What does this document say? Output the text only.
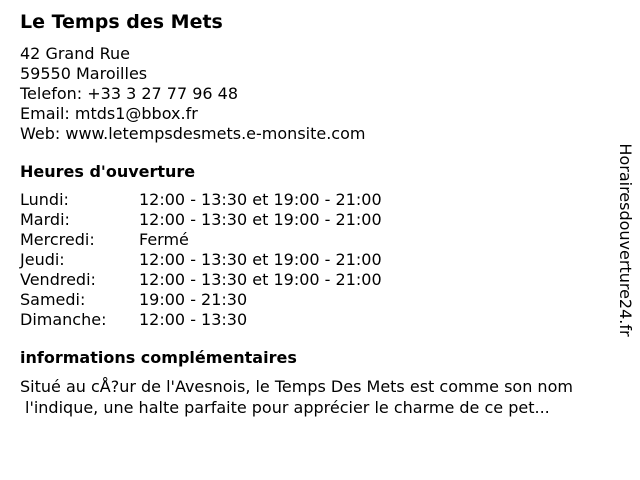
Le Temps des Mets
42 Grand Rue
59550 Maroilles
Telefon: +33 3 27 77 96 48
Email: mtds1@bbox.fr
Web: www.letempsdesmets.e-monsite.com
Heures d'ouverture
Lundi:	12:00 - 13:30 et 19:00 - 21:00
Mardi:	12:00 - 13:30 et 19:00 - 21:00
Mercredi:	Fermé
Jeudi:	12:00 - 13:30 et 19:00 - 21:00
Vendredi:	12:00 - 13:30 et 19:00 - 21:00
Samedi:	19:00 - 21:30
Dimanche:	12:00 - 13:30
informations complémentaires
Situé au cÅ?ur de l'Avesnois, le Temps Des Mets est comme son nom
l'indique, une halte parfaite pour apprécier le charme de ce pet...
Horairesdouverture24.fr
